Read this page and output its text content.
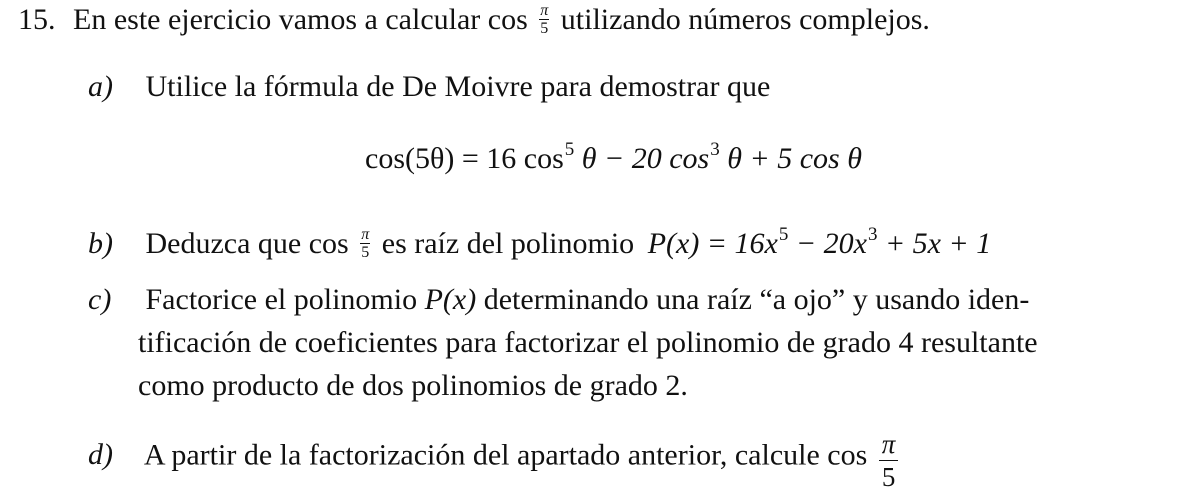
15. En este ejercicio vamos a calcular $\cos \frac{\pi}{5}$ utilizando números complejos.
a) Utilice la fórmula de De Moivre para demostrar que
cos(5θ) = 16 $\cos^5 \theta - 20$ $\cos^3 \theta + 5$ cos θ
b) Deduzca que $\cos \frac{\pi}{5}$ es raíz del polinomio $P(x) = 16x^5 - 20x^3 + 5x + 1$
c) Factorice el polinomio P(x) determinando una raíz “a ojo” y usando iden-
tificación de coeficientes para factorizar el polinomio de grado 4 resultante
como producto de dos polinomios de grado 2.
d) A partir de la factorización del apartado anterior, calcule $\cos \frac{\pi}{5}$
